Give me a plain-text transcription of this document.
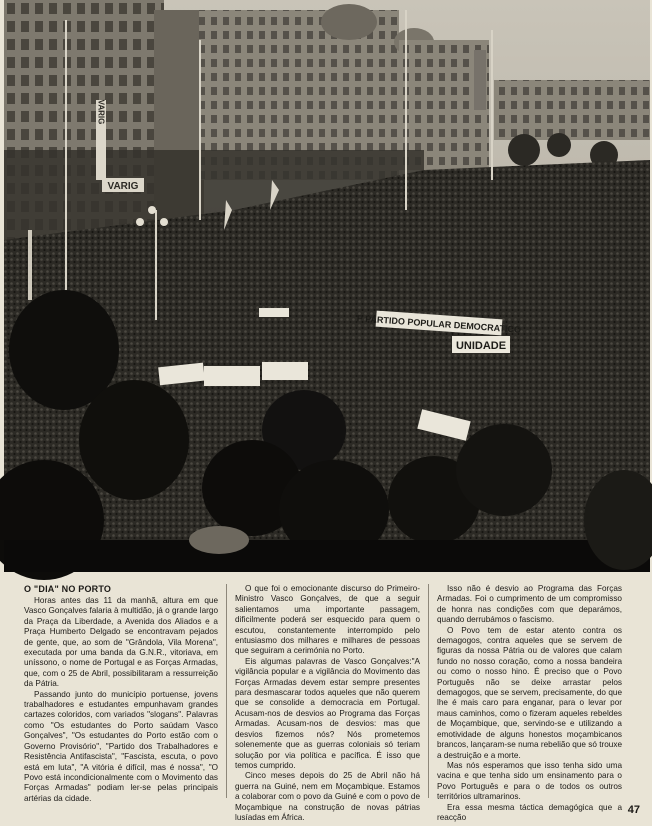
VARIG
VARIG
P PARTIDO POPULAR DEMOCRATICO
UNIDADE
O "DIA" NO PORTO

Horas antes das 11 da manhã, altura em que Vasco Gonçalves falaria à multidão, já o grande largo da Praça da Liberdade, a Avenida dos Aliados e a Praça Humberto Delgado se encontravam pejados de gente, que, ao som de "Grândola, Vila Morena", executada por uma banda da G.N.R., vitoriava, em uníssono, o nome de Portugal e as Forças Armadas, que, com o 25 de Abril, possibilitaram a ressurreição da Pátria.

Passando junto do município portuense, jovens trabalhadores e estudantes empunhavam grandes cartazes coloridos, com variados "slogans". Palavras como "Os estudantes do Porto saúdam Vasco Gonçalves", "Os estudantes do Porto estão com o Governo Provisório", "Partido dos Trabalhadores e Resistência Antifascista", "Fascista, escuta, o povo está em luta", "A vitória é difícil, mas é nossa", "O Povo está incondicionalmente com o Movimento das Forças Armadas" podiam ler-se pelas principais artérias da cidade.

O que foi o emocionante discurso do Primeiro-Ministro Vasco Gonçalves, de que a seguir salientamos uma importante passagem, dificilmente poderá ser esquecido para quem o escutou, constantemente interrompido pelo entusiasmo dos milhares e milhares de pessoas que seguiram a cerimónia no Porto.

Eis algumas palavras de Vasco Gonçalves:"A vigilância popular e a vigilância do Movimento das Forças Armadas devem estar sempre presentes para desmascarar todos aqueles que não querem que se consolide a democracia em Portugal. Acusam-nos de desvios ao Programa das Forças Armadas. Acusam-nos de desvios: mas que desvios fizemos nós? Nós prometemos solenemente que as guerras coloniais só teriam solução por via política e pacífica. É isso que temos cumprido.

Cinco meses depois do 25 de Abril não há guerra na Guiné, nem em Moçambique. Estamos a colaborar com o povo da Guiné e com o povo de Moçambique na construção de novas pátrias lusíadas em África.

Isso não é desvio ao Programa das Forças Armadas. Foi o cumprimento de um compromisso de honra nas condições com que deparámos, quando derrubámos o fascismo.

O Povo tem de estar atento contra os demagogos, contra aqueles que se servem de figuras da nossa Pátria ou de valores que calam fundo no nosso coração, como a nossa bandeira ou como o nosso hino. É preciso que o Povo Português não se deixe arrastar pelos demagogos, que se servem, precisamente, do que lhe é mais caro para enganar, para o levar por maus caminhos, como o fizeram aqueles rebeldes de Moçambique, que, servindo-se e utilizando a emotividade de alguns honestos moçambicanos brancos, lançaram-se numa rebelião que só trouxe a destruição e a morte.

Mas nós esperamos que isso tenha sido uma vacina e que tenha sido um ensinamento para o Povo Português e para o de todos os outros territórios ultramarinos.

Era essa mesma táctica demagógica que a reacção

47
